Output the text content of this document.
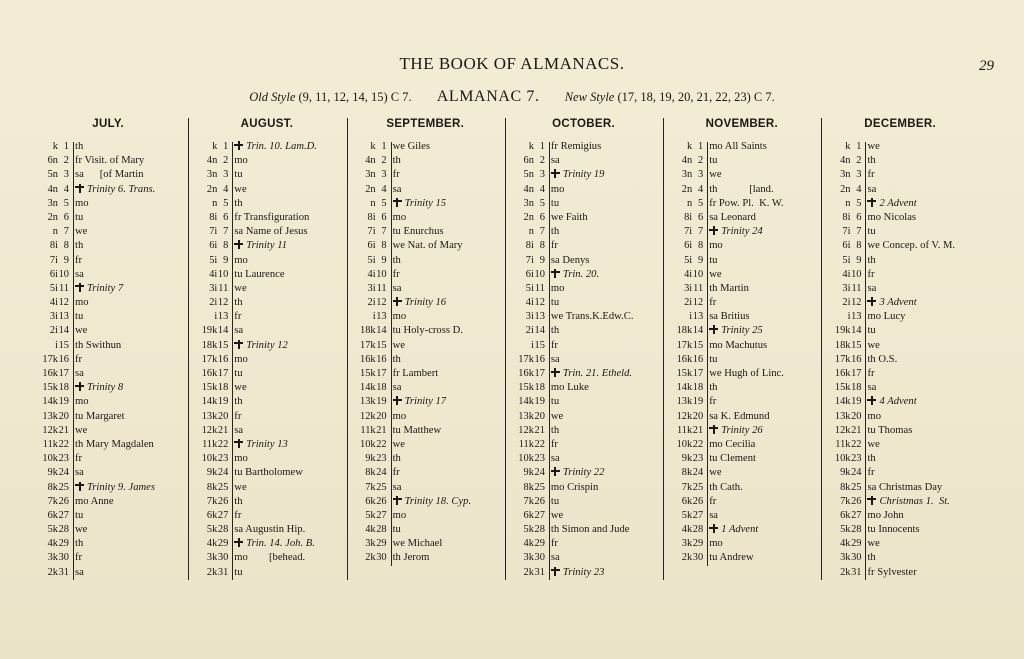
THE BOOK OF ALMANACS.	29
Old Style (9, 11, 12, 14, 15) C 7. ALMANAC 7. New Style (17, 18, 19, 20, 21, 22, 23) C 7.
JULY.
k 1 th
6n 2 fr Visit. of Mary
5n 3 sa      [of Martin
4n 4	Trinity 6. Trans.
3n 5 mo
2n 6 tu
n 7 we
8i 8 th
7i 9 fr
6i10 sa
5i11	Trinity 7
4i12 mo
3i13 tu
2i14 we
i15 th Swithun
17k16 fr
16k17 sa
15k18	Trinity 8
14k19 mo
13k20 tu Margaret
12k21 we
11k22 th Mary Magdalen
10k23 fr
9k24 sa
8k25	Trinity 9. James
7k26 mo Anne
6k27 tu
5k28 we
4k29 th
3k30 fr
2k31 sa
AUGUST.
k 1	Trin. 10. Lam.D.
4n 2 mo
3n 3 tu
2n 4 we
n 5 th
8i 6 fr Transfiguration
7i 7 sa Name of Jesus
6i 8	Trinity 11
5i 9 mo
4i10 tu Laurence
3i11 we
2i12 th
i13 fr
19k14 sa
18k15	Trinity 12
17k16 mo
16k17 tu
15k18 we
14k19 th
13k20 fr
12k21 sa
11k22	Trinity 13
10k23 mo
9k24 tu Bartholomew
8k25 we
7k26 th
6k27 fr
5k28 sa Augustin Hip.
4k29	Trin. 14. Joh. B.
3k30 mo        [behead.
2k31 tu
SEPTEMBER.
k 1 we Giles
4n 2 th
3n 3 fr
2n 4 sa
n 5	Trinity 15
8i 6 mo
7i 7 tu Enurchus
6i 8 we Nat. of Mary
5i 9 th
4i10 fr
3i11 sa
2i12	Trinity 16
i13 mo
18k14 tu Holy-cross D.
17k15 we
16k16 th
15k17 fr Lambert
14k18 sa
13k19	Trinity 17
12k20 mo
11k21 tu Matthew
10k22 we
9k23 th
8k24 fr
7k25 sa
6k26	Trinity 18. Cyp.
5k27 mo
4k28 tu
3k29 we Michael
2k30 th Jerom
OCTOBER.
k 1 fr Remigius
6n 2 sa
5n 3	Trinity 19
4n 4 mo
3n 5 tu
2n 6 we Faith
n 7 th
8i 8 fr
7i 9 sa Denys
6i10	Trin. 20.
5i11 mo
4i12 tu
3i13 we Trans.K.Edw.C.
2i14 th
i15 fr
17k16 sa
16k17	Trin. 21. Etheld.
15k18 mo Luke
14k19 tu
13k20 we
12k21 th
11k22 fr
10k23 sa
9k24	Trinity 22
8k25 mo Crispin
7k26 tu
6k27 we
5k28 th Simon and Jude
4k29 fr
3k30 sa
2k31	Trinity 23
NOVEMBER.
k 1 mo All Saints
4n 2 tu
3n 3 we
2n 4 th            [land.
n 5 fr Pow. Pl.  K. W.
8i 6 sa Leonard
7i 7	Trinity 24
6i 8 mo
5i 9 tu
4i10 we
3i11 th Martin
2i12 fr
i13 sa Britius
18k14	Trinity 25
17k15 mo Machutus
16k16 tu
15k17 we Hugh of Linc.
14k18 th
13k19 fr
12k20 sa K. Edmund
11k21	Trinity 26
10k22 mo Cecilia
9k23 tu Clement
8k24 we
7k25 th Cath.
6k26 fr
5k27 sa
4k28	1 Advent
3k29 mo
2k30 tu Andrew
DECEMBER.
k 1 we
4n 2 th
3n 3 fr
2n 4 sa
n 5	2 Advent
8i 6 mo Nicolas
7i 7 tu
6i 8 we Concep. of V. M.
5i 9 th
4i10 fr
3i11 sa
2i12	3 Advent
i13 mo Lucy
19k14 tu
18k15 we
17k16 th O.S.
16k17 fr
15k18 sa
14k19	4 Advent
13k20 mo
12k21 tu Thomas
11k22 we
10k23 th
9k24 fr
8k25 sa Christmas Day
7k26	Christmas 1.  St.
6k27 mo John
5k28 tu Innocents
4k29 we
3k30 th
2k31 fr Sylvester
